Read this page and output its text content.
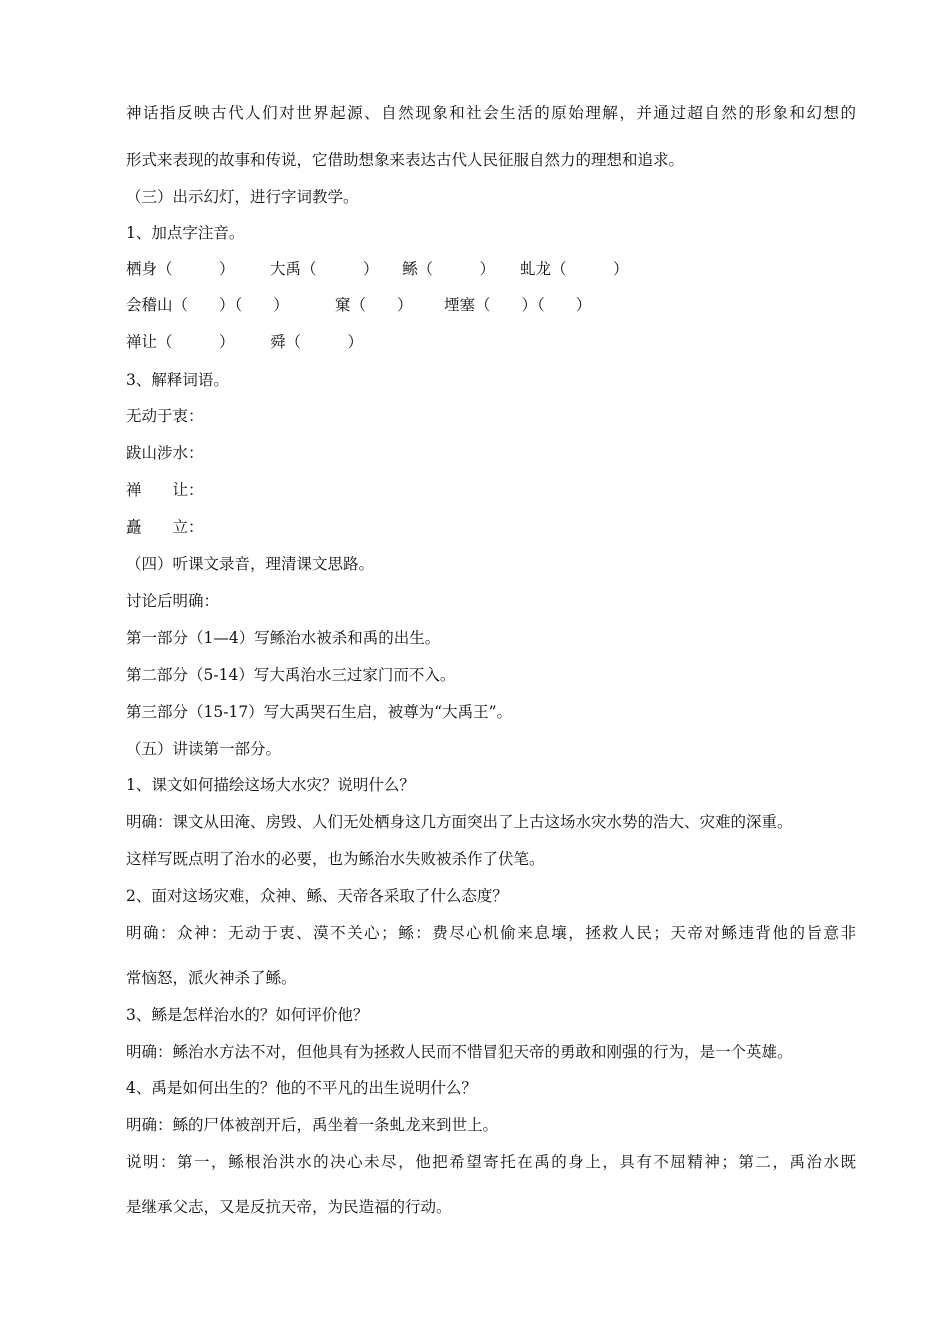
神话指反映古代人们对世界起源、自然现象和社会生活的原始理解，并通过超自然的形象和幻想的
形式来表现的故事和传说，它借助想象来表达古代人民征服自然力的理想和追求。
（三）出示幻灯，进行字词教学。
1、加点字注音。
栖身（　　　） 大禹（　　　） 鲧（　　　） 虬龙（　　　）
会稽山（　　）（　　）	窠（　　） 堙塞（　　）（　　）
禅让（　　　） 舜（　　　）
3、解释词语。
无动于衷：
跋山涉水：
禅　　让：
矗　　立：
（四）听课文录音，理清课文思路。
讨论后明确：
第一部分（1—4）写鲧治水被杀和禹的出生。
第二部分（5-14）写大禹治水三过家门而不入。
第三部分（15-17）写大禹哭石生启，被尊为“大禹王”。
（五）讲读第一部分。
1、课文如何描绘这场大水灾？说明什么？
明确：课文从田淹、房毁、人们无处栖身这几方面突出了上古这场水灾水势的浩大、灾难的深重。
这样写既点明了治水的必要，也为鲧治水失败被杀作了伏笔。
2、面对这场灾难，众神、鲧、天帝各采取了什么态度？
明确：众神：无动于衷、漠不关心；鲧：费尽心机偷来息壤，拯救人民；天帝对鲧违背他的旨意非
常恼怒，派火神杀了鲧。
3、鲧是怎样治水的？如何评价他？
明确：鲧治水方法不对，但他具有为拯救人民而不惜冒犯天帝的勇敢和刚强的行为，是一个英雄。
4、禹是如何出生的？他的不平凡的出生说明什么？
明确：鲧的尸体被剖开后，禹坐着一条虬龙来到世上。
说明：第一，鲧根治洪水的决心未尽，他把希望寄托在禹的身上，具有不屈精神；第二，禹治水既
是继承父志，又是反抗天帝，为民造福的行动。
